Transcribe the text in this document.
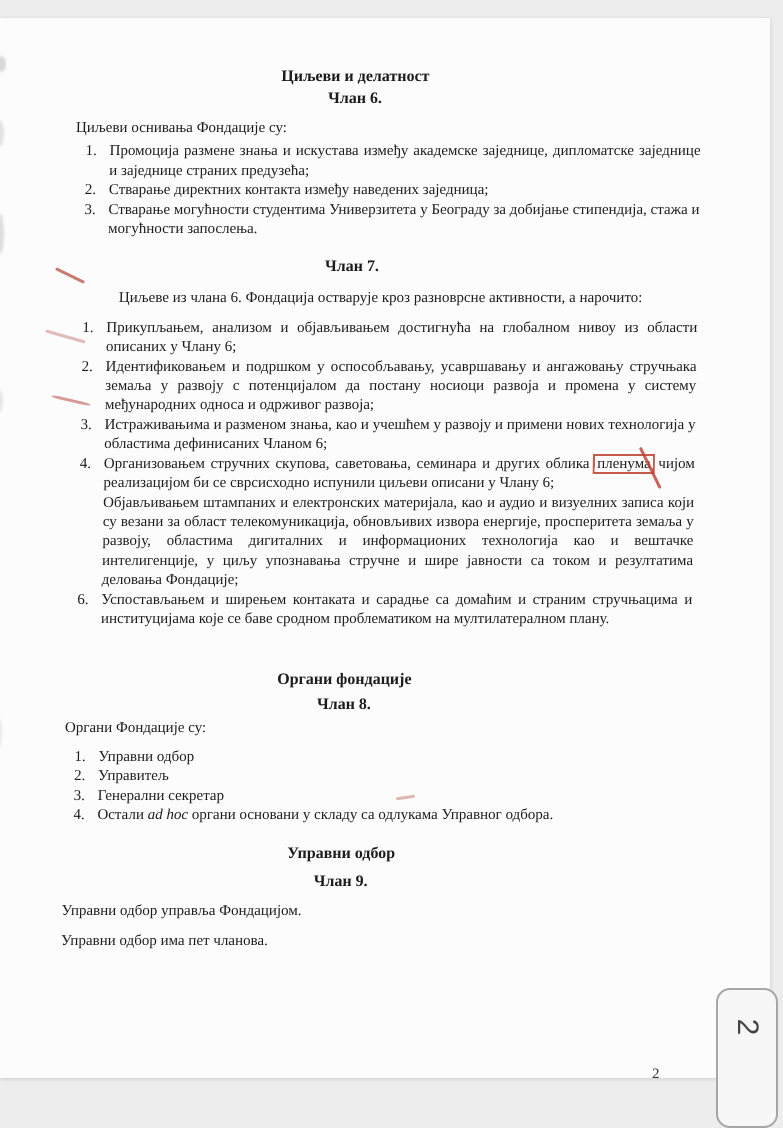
Циљеви и делатност
Члан 6.

Циљеви оснивања Фондације су:

1. Промоција размене знања и искустава између академске заједнице, дипломатске заједнице и заједнице страних предузећа;
2. Стварање директних контакта између наведених заједница;
3. Стварање могућности студентима Универзитета у Београду за добијање стипендија, стажа и могућности запослења.
Члан 7.

Циљеве из члана 6. Фондација остварује кроз разноврсне активности, а нарочито:

1. Прикупљањем, анализом и објављивањем достигнућа на глобалном нивоу из области описаних у Члану 6;
2. Идентификовањем и подршком у оспособљавању, усавршавању и ангажовању стручњака земаља у развоју с потенцијалом да постану носиоци развоја и промена у систему међународних односа и одрживог развоја;
3. Истраживањима и разменом знања, као и учешћем у развоју и примени нових технологија у областима дефинисаних Чланом 6;
4. Организовањем стручних скупова, саветовања, семинара и других облика пленума
чијом реализацијом би се сврсисходно испунили циљеви описани у Члану 6;
Објављивањем штампаних и електронских материјала, као и аудио и визуелних записа који су везани за област телекомуникација, обновљивих извора енергије, просперитета земаља у развоју, областима дигиталних и информационих технологија као и вештачке интелигенције, у циљу упознавања стручне и шире јавности са током и резултатима деловања Фондације;
6. Успостављањем и ширењем контаката и сарадње са домаћим и страним стручњацима и институцијама које се баве сродном проблематиком на мултилатералном плану.
Органи фондације
Члан 8.

Органи Фондације су:

1. Управни одбор
2. Управитељ
3. Генерални секретар
4. Остали ad hoc органи основани у складу са одлукама Управног одбора.
Управни одбор
Члан 9.

Управни одбор управља Фондацијом.

Управни одбор има пет чланова.

2
2
